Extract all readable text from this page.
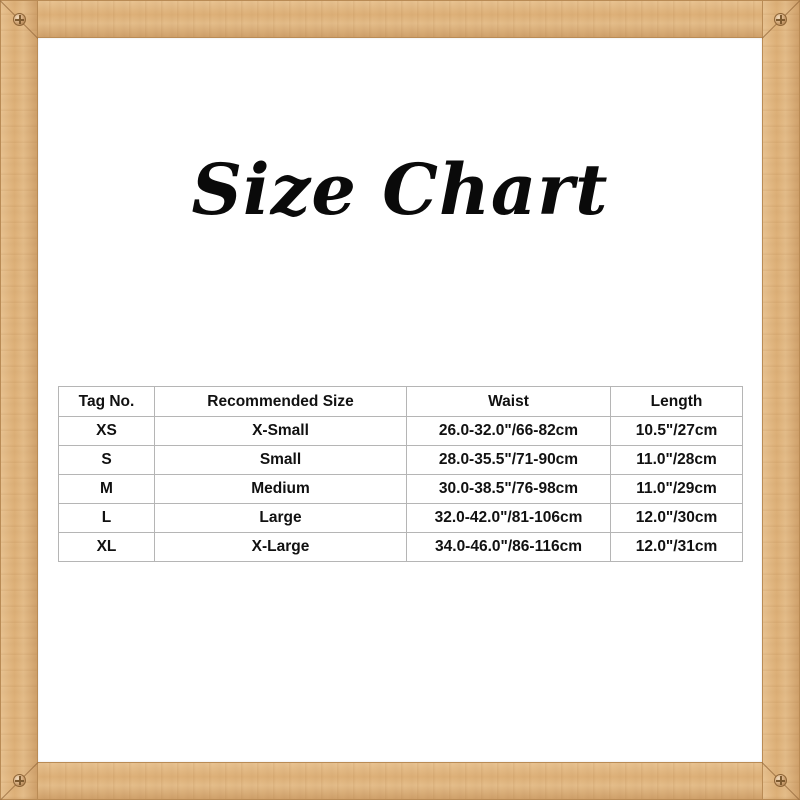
Size Chart
Tag No.	Recommended Size	Waist	Length
XS	X-Small	26.0-32.0"/66-82cm	10.5"/27cm
S	Small	28.0-35.5"/71-90cm	11.0"/28cm
M	Medium	30.0-38.5"/76-98cm	11.0"/29cm
L	Large	32.0-42.0"/81-106cm	12.0"/30cm
XL	X-Large	34.0-46.0"/86-116cm	12.0"/31cm
